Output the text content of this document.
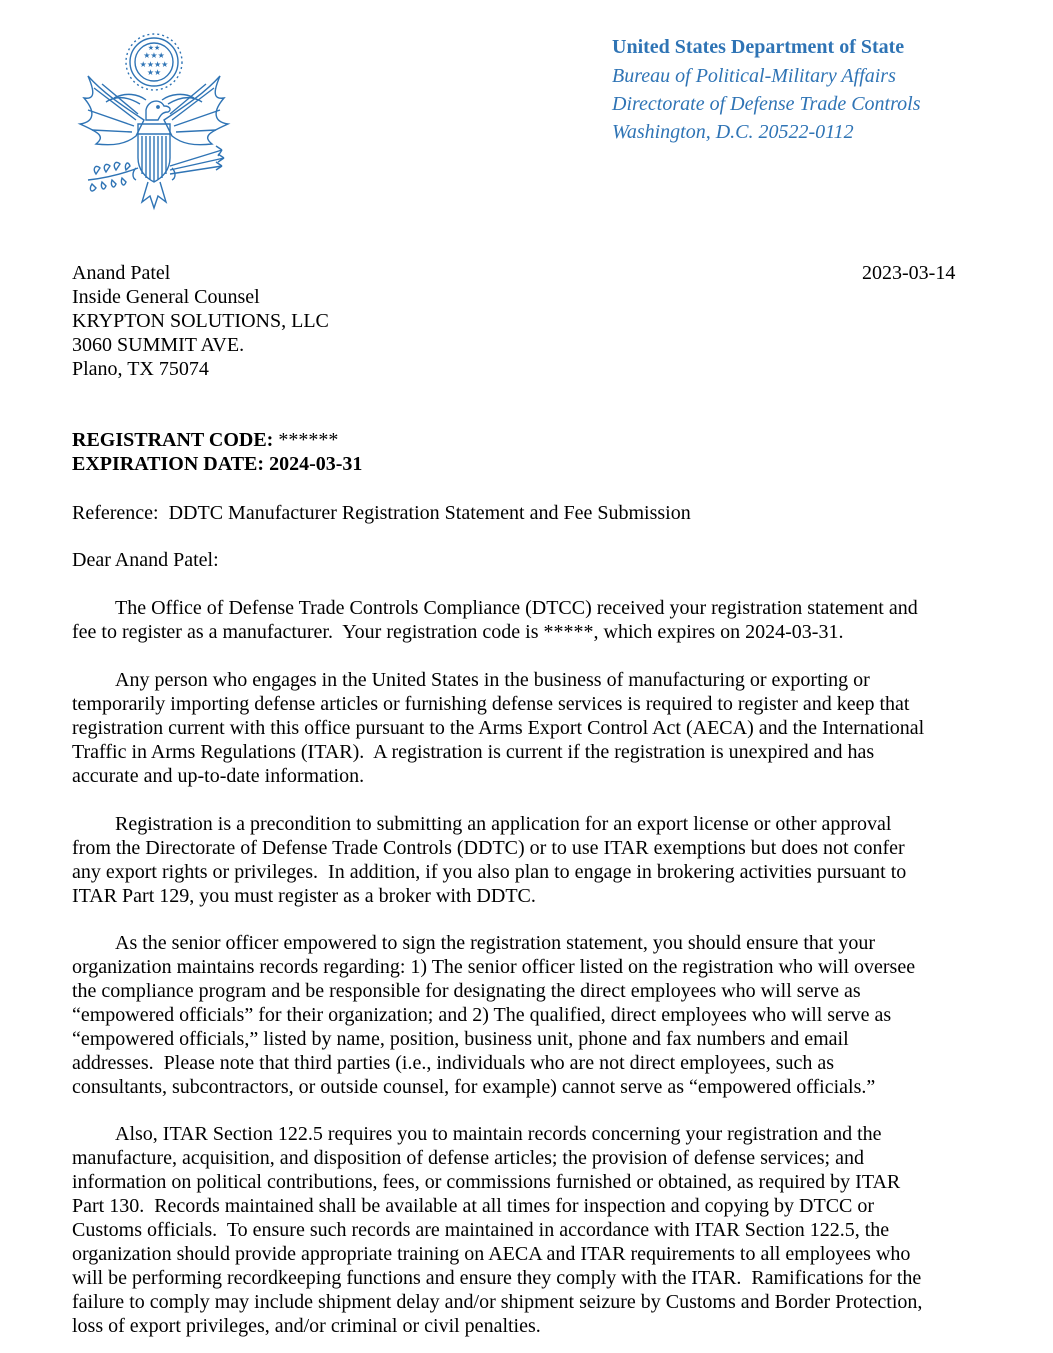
★★★
★★★★
★★
★★	United States Department of State
Bureau of Political-Military Affairs
Directorate of Defense Trade Controls
Washington, D.C. 20522-0112
Anand Patel
Inside General Counsel
KRYPTON SOLUTIONS, LLC
3060 SUMMIT AVE.
Plano, TX 75074
2023-03-14
REGISTRANT CODE: ******
EXPIRATION DATE: 2024-03-31
Reference:  DDTC Manufacturer Registration Statement and Fee Submission
Dear Anand Patel:
The Office of Defense Trade Controls Compliance (DTCC) received your registration statement and
fee to register as a manufacturer.  Your registration code is *****, which expires on 2024-03-31.
Any person who engages in the United States in the business of manufacturing or exporting or
temporarily importing defense articles or furnishing defense services is required to register and keep that
registration current with this office pursuant to the Arms Export Control Act (AECA) and the International
Traffic in Arms Regulations (ITAR).  A registration is current if the registration is unexpired and has
accurate and up-to-date information.
Registration is a precondition to submitting an application for an export license or other approval
from the Directorate of Defense Trade Controls (DDTC) or to use ITAR exemptions but does not confer
any export rights or privileges.  In addition, if you also plan to engage in brokering activities pursuant to
ITAR Part 129, you must register as a broker with DDTC.
As the senior officer empowered to sign the registration statement, you should ensure that your
organization maintains records regarding: 1) The senior officer listed on the registration who will oversee
the compliance program and be responsible for designating the direct employees who will serve as
“empowered officials” for their organization; and 2) The qualified, direct employees who will serve as
“empowered officials,” listed by name, position, business unit, phone and fax numbers and email
addresses.  Please note that third parties (i.e., individuals who are not direct employees, such as
consultants, subcontractors, or outside counsel, for example) cannot serve as “empowered officials.”
Also, ITAR Section 122.5 requires you to maintain records concerning your registration and the
manufacture, acquisition, and disposition of defense articles; the provision of defense services; and
information on political contributions, fees, or commissions furnished or obtained, as required by ITAR
Part 130.  Records maintained shall be available at all times for inspection and copying by DTCC or
Customs officials.  To ensure such records are maintained in accordance with ITAR Section 122.5, the
organization should provide appropriate training on AECA and ITAR requirements to all employees who
will be performing recordkeeping functions and ensure they comply with the ITAR.  Ramifications for the
failure to comply may include shipment delay and/or shipment seizure by Customs and Border Protection,
loss of export privileges, and/or criminal or civil penalties.
